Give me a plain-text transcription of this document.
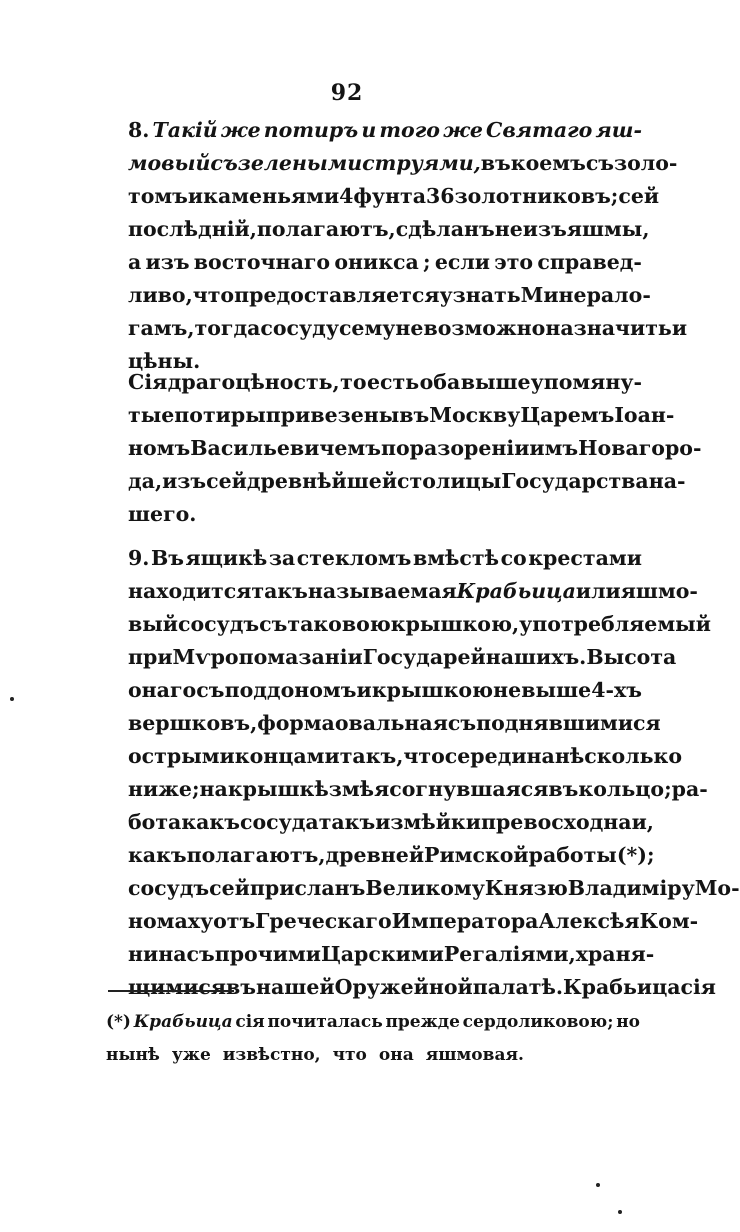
92
8. Такій же потиръ и того же Святаго яш-
мовый съ зелеными струями, въ коемъ съ золо-
томъ и каменьями 4 фунта 36 золотниковъ; сей
послѣдній , полагаютъ, сдѣланъ не изъ яшмы ,
а изъ восточнаго оникса ; если это справед-
ливо , что предоставляется узнать Минерало-
гамъ, тогда сосуду сему невозможно назначить и
цѣны.
Сія драгоцѣность, то есть оба вышеупомяну-
тые потиры привезены въ Москву Царемъ Іоан-
номъ Васильевичемъ по разореніи имъ Новагоро-
да, изъ сей древнѣйшей столицы Государства на-
шего.
9. Въ ящикѣ за стекломъ вмѣстѣ со крестами
находится такъ называемая Крабьица или яшмо-
вый сосудъ съ таковою крышкою, употребляемый
при Мѵропомазаніи Государей нашихъ. Высота
онаго съ поддономъ и крышкою не выше 4-хъ
вершковъ , форма овальная съ поднявшимися
острыми концами такъ, что середина нѣсколько
ниже; на крышкѣ змѣя согнувшаяся въ кольцо; ра-
бота какъ сосуда такъ и змѣйки превосходна и,
какъ полагаютъ, древней Римской работы (*) ;
сосудъ сей присланъ Великому Князю Владиміру Мо-
номаху отъ Греческаго Императора Алексѣя Ком-
нина съ прочими Царскими Регаліями , храня-
щимися въ нашей Оружейной палатѣ. Крабьица сія
(*) Крабьица сія почиталась прежде сердоликовою; но
нынѣ уже извѣстно, что она яшмовая.
